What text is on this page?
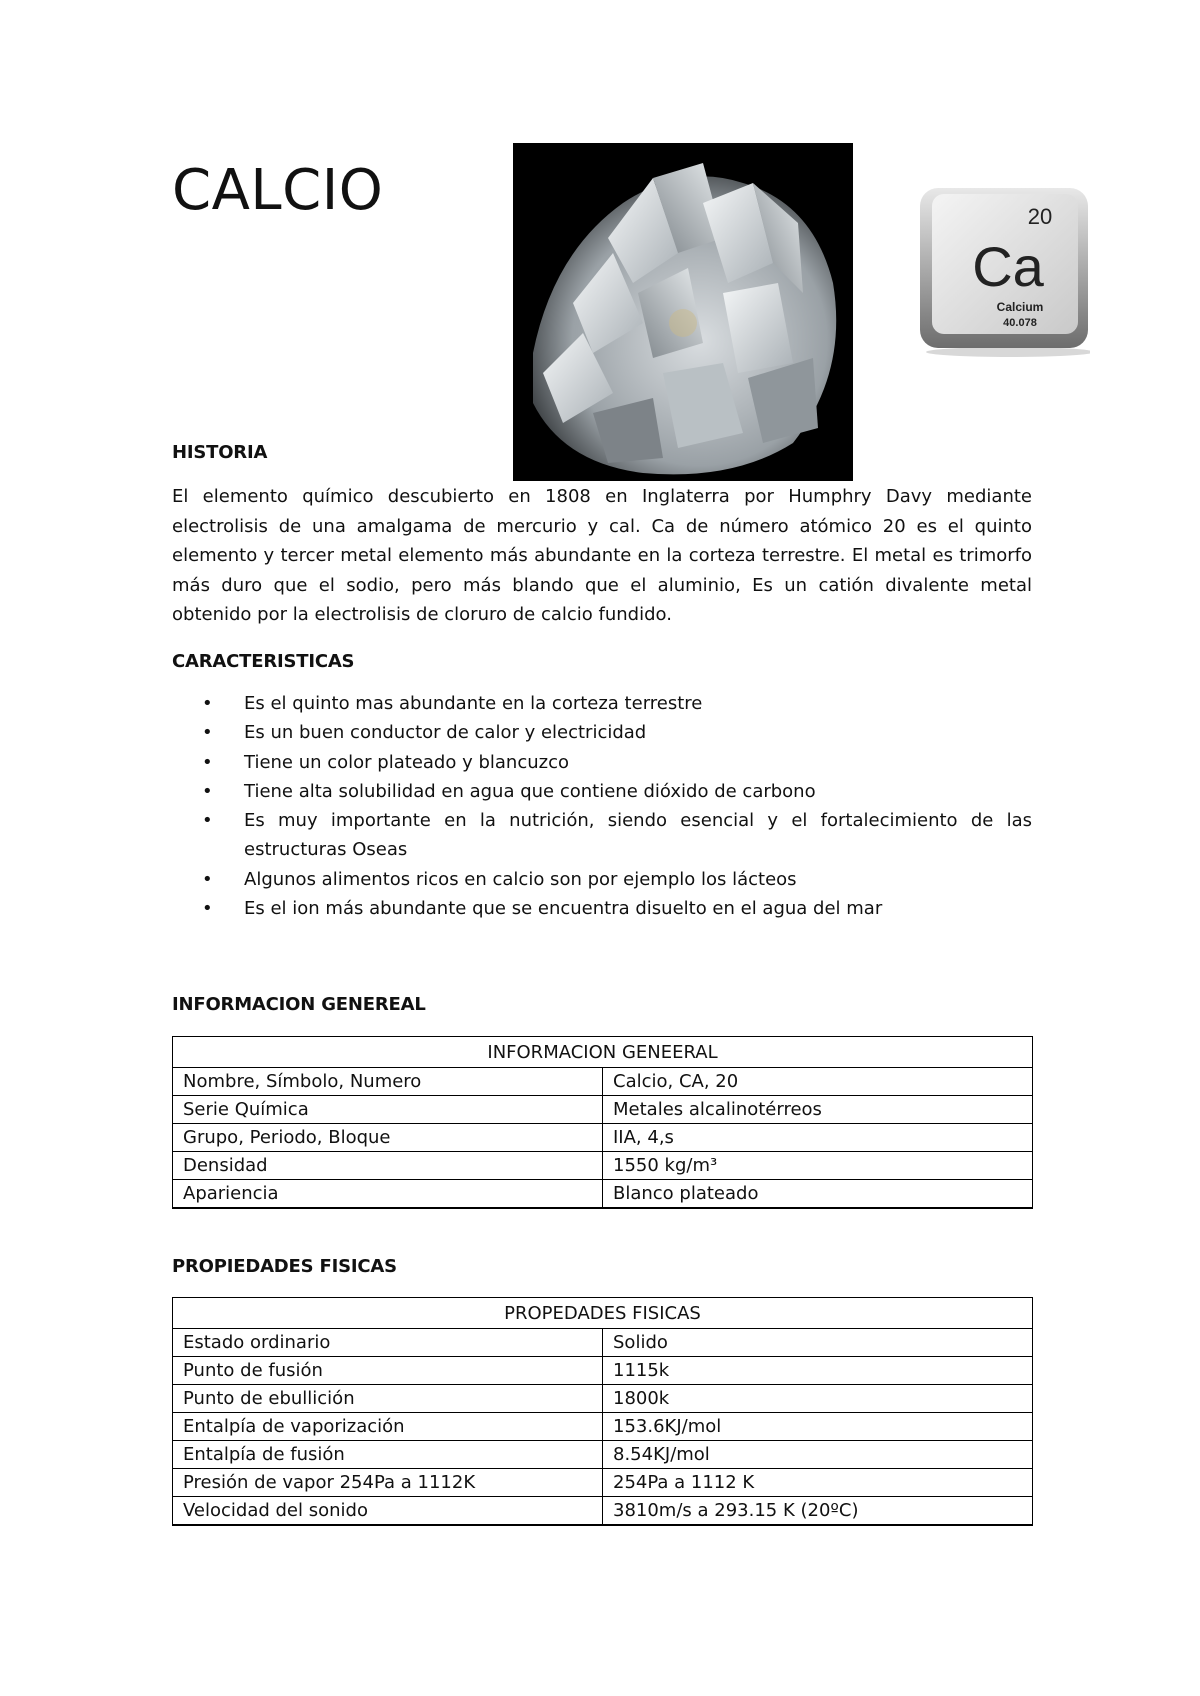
CALCIO	20
Ca
Calcium
40.078
HISTORIA

El elemento químico descubierto en 1808 en Inglaterra por Humphry Davy mediante electrolisis de una amalgama de mercurio y cal. Ca de número atómico 20 es el quinto elemento y tercer metal elemento más abundante en la corteza terrestre. El metal es trimorfo más duro que el sodio, pero más blando que el aluminio, Es un catión divalente metal obtenido por la electrolisis de cloruro de calcio fundido.

CARACTERISTICAS
• Es el quinto mas abundante en la corteza terrestre
• Es un buen conductor de calor y electricidad
• Tiene un color plateado y blancuzco
• Tiene alta solubilidad en agua que contiene dióxido de carbono
• Es muy importante en la nutrición, siendo esencial y el fortalecimiento de las estructuras Oseas
• Algunos alimentos ricos en calcio son por ejemplo los lácteos
• Es el ion más abundante que se encuentra disuelto en el agua del mar
INFORMACION GENEREAL
INFORMACION GENEERAL	
Nombre, Símbolo, Numero	Calcio, CA, 20
Serie Química	Metales alcalinotérreos
Grupo, Periodo, Bloque	IIA, 4,s
Densidad	1550 kg/m³
Apariencia	Blanco plateado
PROPIEDADES FISICAS
PROPEDADES FISICAS	
Estado ordinario	Solido
Punto de fusión	1115k
Punto de ebullición	1800k
Entalpía de vaporización	153.6KJ/mol
Entalpía de fusión	8.54KJ/mol
Presión de vapor 254Pa a 1112K	254Pa a 1112 K
Velocidad del sonido	3810m/s a 293.15 K (20ºC)
